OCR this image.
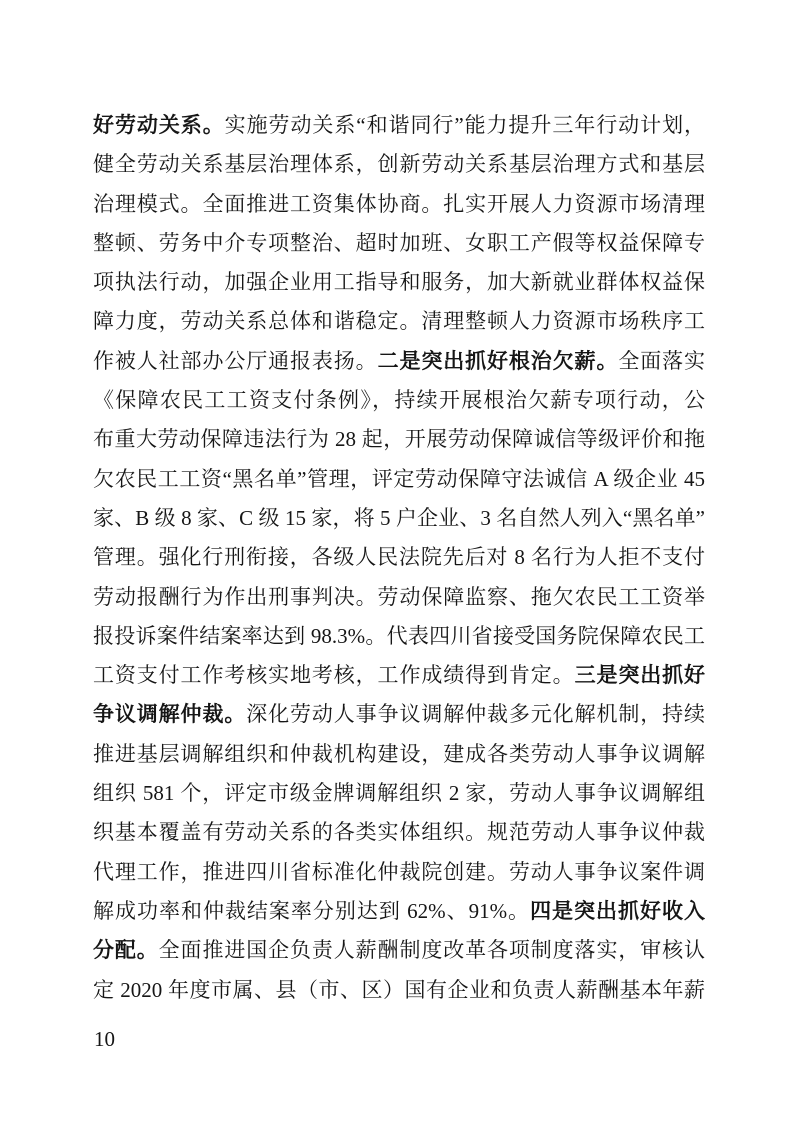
好劳动关系。实施劳动关系“和谐同行”能力提升三年行动计划，
健全劳动关系基层治理体系，创新劳动关系基层治理方式和基层
治理模式。全面推进工资集体协商。扎实开展人力资源市场清理
整顿、劳务中介专项整治、超时加班、女职工产假等权益保障专
项执法行动，加强企业用工指导和服务，加大新就业群体权益保
障力度，劳动关系总体和谐稳定。清理整顿人力资源市场秩序工
作被人社部办公厅通报表扬。二是突出抓好根治欠薪。全面落实
《保障农民工工资支付条例》，持续开展根治欠薪专项行动，公
布重大劳动保障违法行为 28 起，开展劳动保障诚信等级评价和拖
欠农民工工资“黑名单”管理，评定劳动保障守法诚信 A 级企业 45
家、B 级 8 家、C 级 15 家，将 5 户企业、3 名自然人列入“黑名单”
管理。强化行刑衔接，各级人民法院先后对 8 名行为人拒不支付
劳动报酬行为作出刑事判决。劳动保障监察、拖欠农民工工资举
报投诉案件结案率达到 98.3%。代表四川省接受国务院保障农民工
工资支付工作考核实地考核，工作成绩得到肯定。三是突出抓好
争议调解仲裁。深化劳动人事争议调解仲裁多元化解机制，持续
推进基层调解组织和仲裁机构建设，建成各类劳动人事争议调解
组织 581 个，评定市级金牌调解组织 2 家，劳动人事争议调解组
织基本覆盖有劳动关系的各类实体组织。规范劳动人事争议仲裁
代理工作，推进四川省标准化仲裁院创建。劳动人事争议案件调
解成功率和仲裁结案率分别达到 62%、91%。四是突出抓好收入
分配。全面推进国企负责人薪酬制度改革各项制度落实，审核认
定 2020 年度市属、县（市、区）国有企业和负责人薪酬基本年薪
10
